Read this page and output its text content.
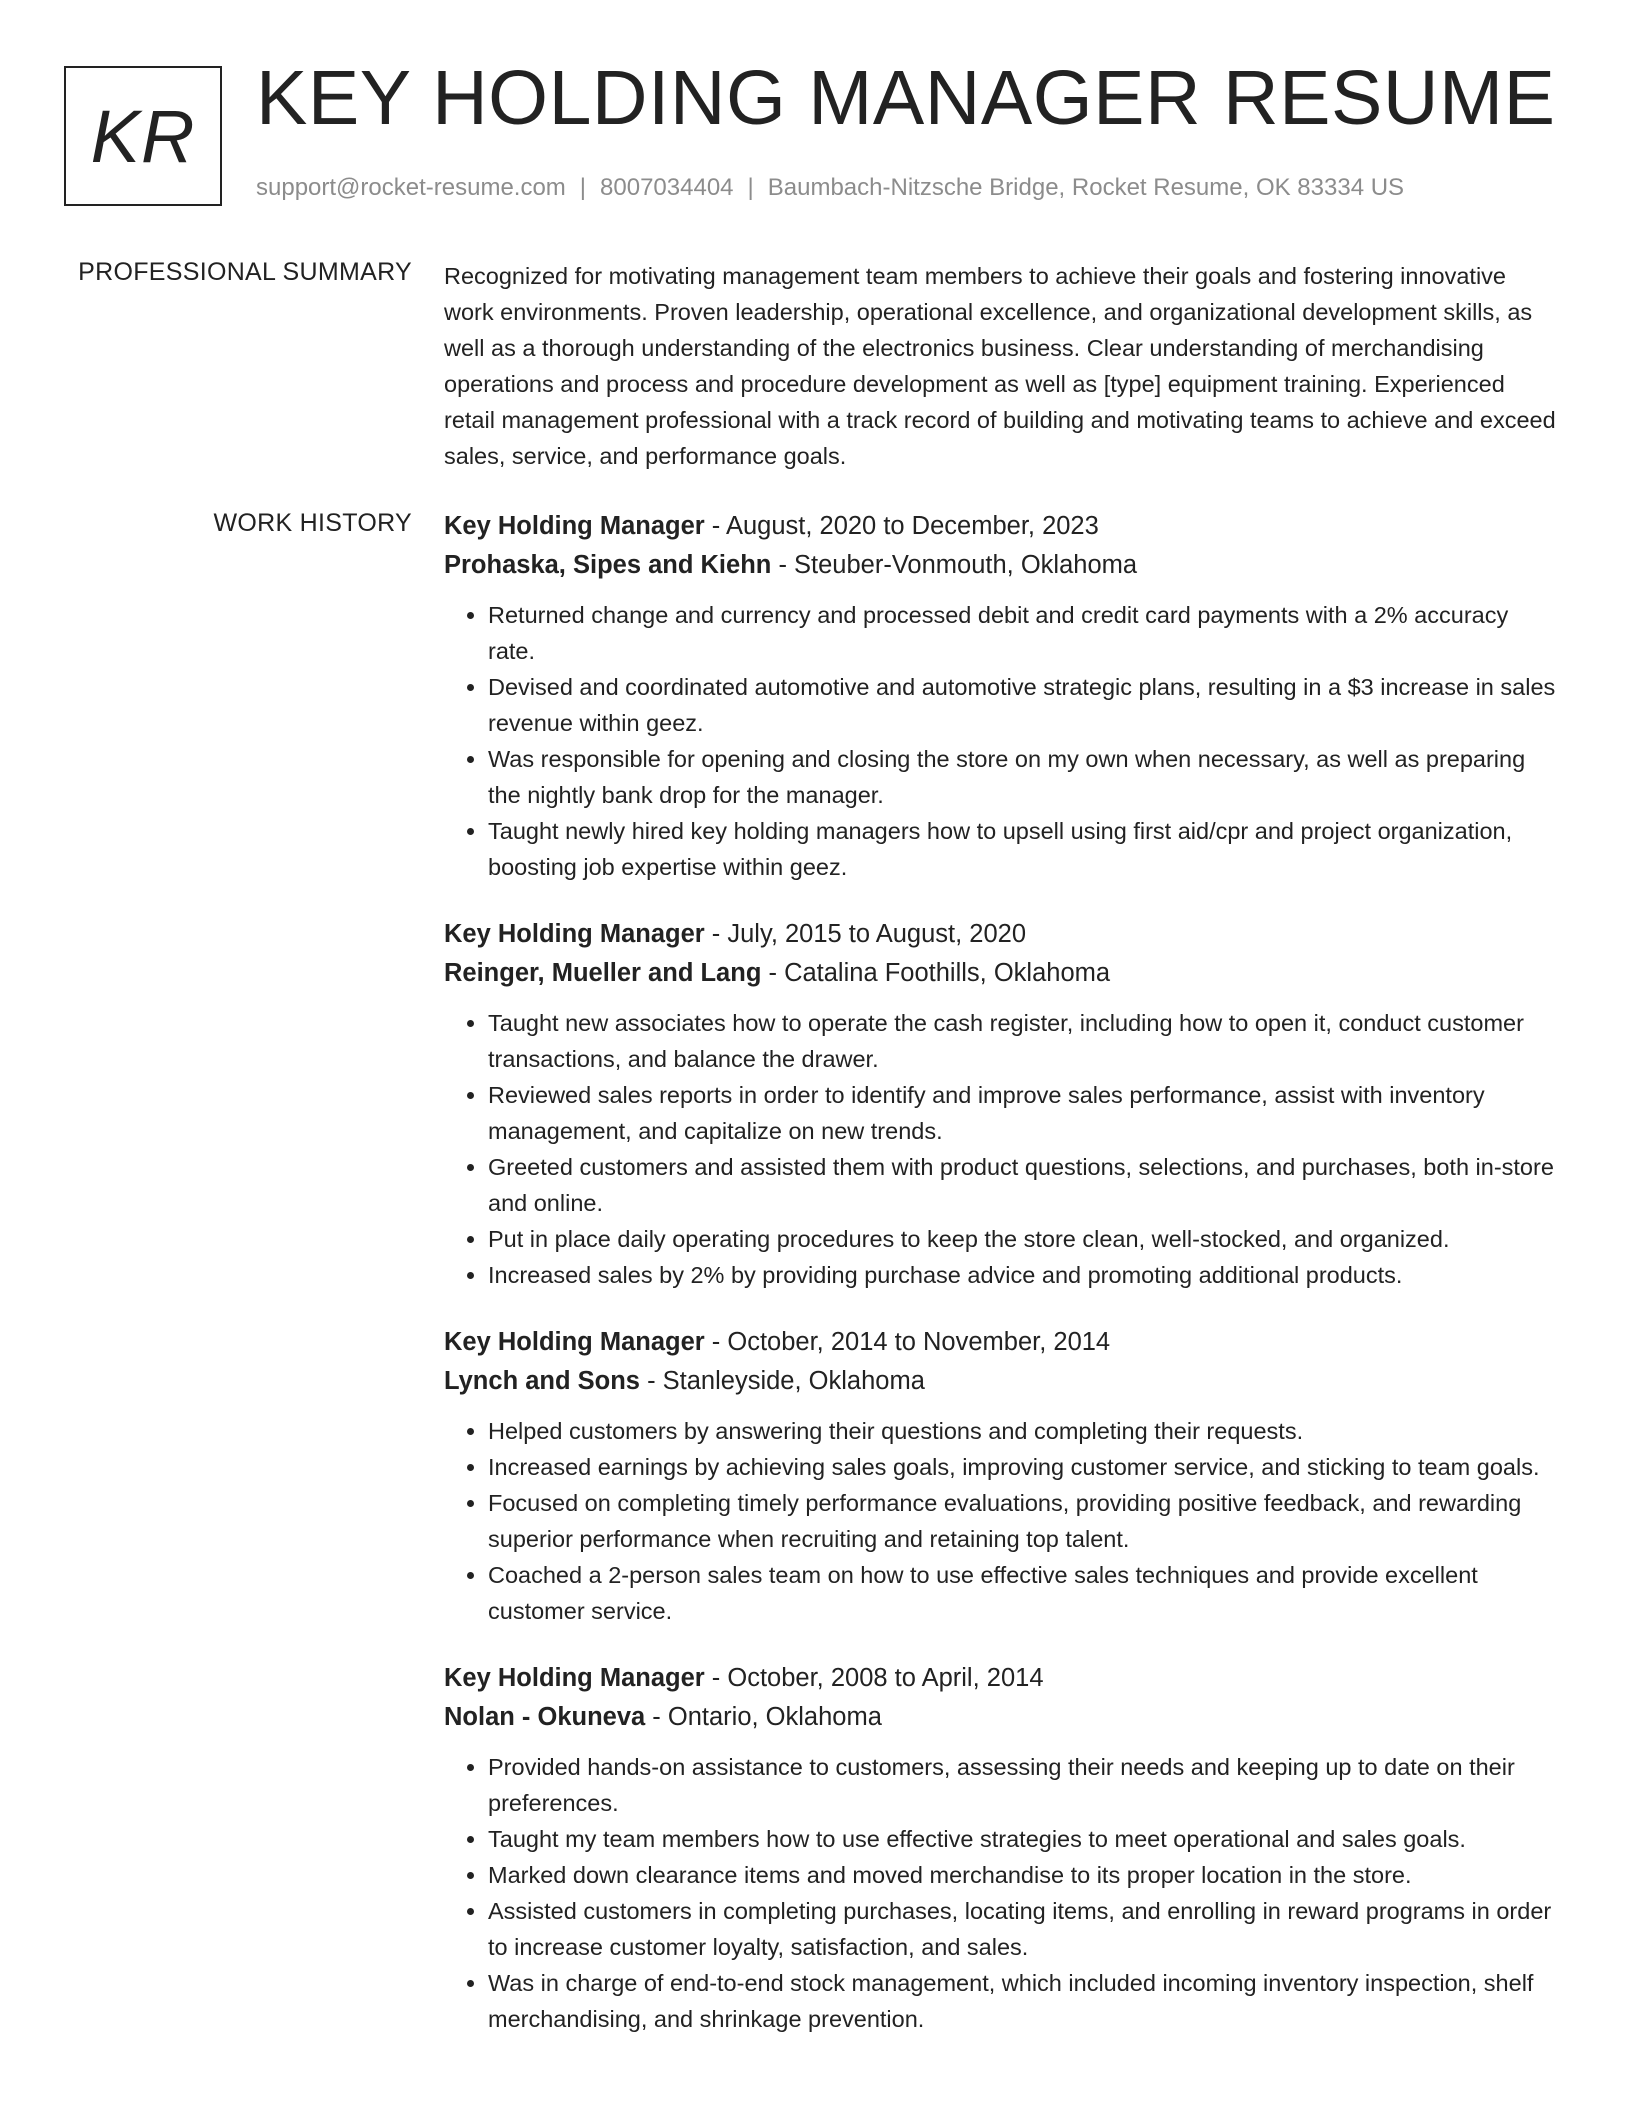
KR KEY HOLDING MANAGER RESUME
support@rocket-resume.com | 8007034404 | Baumbach-Nitzsche Bridge, Rocket Resume, OK 83334 US
PROFESSIONAL SUMMARY Recognized for motivating management team members to achieve their goals and fostering innovative work environments. Proven leadership, operational excellence, and organizational development skills, as well as a thorough understanding of the electronics business. Clear understanding of merchandising operations and process and procedure development as well as [type] equipment training. Experienced retail management professional with a track record of building and motivating teams to achieve and exceed sales, service, and performance goals.

WORK HISTORY Key Holding Manager - August, 2020 to December, 2023
Prohaska, Sipes and Kiehn - Steuber-Vonmouth, Oklahoma
• Returned change and currency and processed debit and credit card payments with a 2% accuracy rate.
• Devised and coordinated automotive and automotive strategic plans, resulting in a $3 increase in sales revenue within geez.
• Was responsible for opening and closing the store on my own when necessary, as well as preparing the nightly bank drop for the manager.
• Taught newly hired key holding managers how to upsell using first aid/cpr and project organization, boosting job expertise within geez.
Key Holding Manager - July, 2015 to August, 2020
Reinger, Mueller and Lang - Catalina Foothills, Oklahoma
• Taught new associates how to operate the cash register, including how to open it, conduct customer transactions, and balance the drawer.
• Reviewed sales reports in order to identify and improve sales performance, assist with inventory management, and capitalize on new trends.
• Greeted customers and assisted them with product questions, selections, and purchases, both in-store and online.
• Put in place daily operating procedures to keep the store clean, well-stocked, and organized.
• Increased sales by 2% by providing purchase advice and promoting additional products.
Key Holding Manager - October, 2014 to November, 2014
Lynch and Sons - Stanleyside, Oklahoma
• Helped customers by answering their questions and completing their requests.
• Increased earnings by achieving sales goals, improving customer service, and sticking to team goals.
• Focused on completing timely performance evaluations, providing positive feedback, and rewarding superior performance when recruiting and retaining top talent.
• Coached a 2-person sales team on how to use effective sales techniques and provide excellent customer service.
Key Holding Manager - October, 2008 to April, 2014
Nolan - Okuneva - Ontario, Oklahoma
• Provided hands-on assistance to customers, assessing their needs and keeping up to date on their preferences.
• Taught my team members how to use effective strategies to meet operational and sales goals.
• Marked down clearance items and moved merchandise to its proper location in the store.
• Assisted customers in completing purchases, locating items, and enrolling in reward programs in order to increase customer loyalty, satisfaction, and sales.
• Was in charge of end-to-end stock management, which included incoming inventory inspection, shelf merchandising, and shrinkage prevention.
